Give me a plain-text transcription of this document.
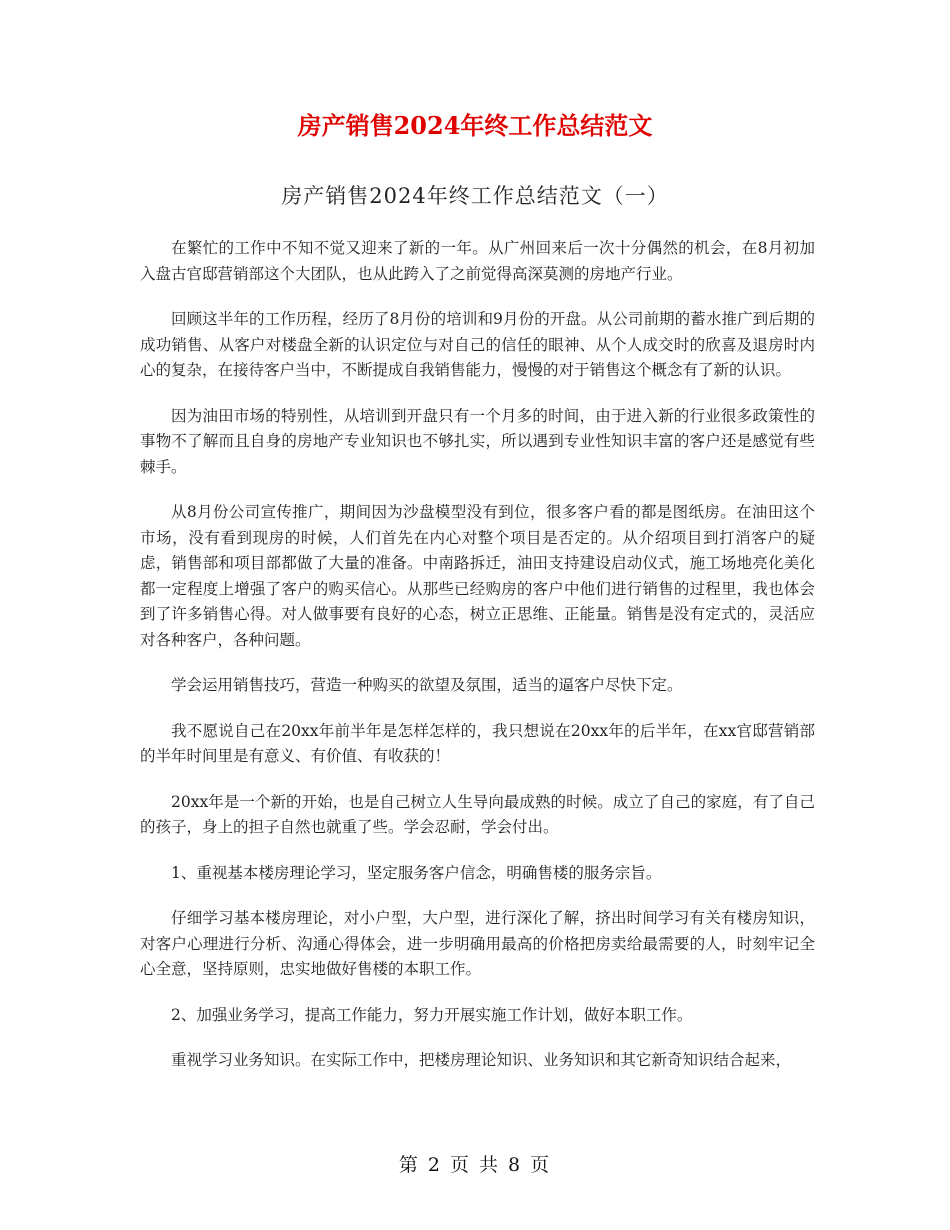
房产销售2024年终工作总结范文
房产销售2024年终工作总结范文（一）

在繁忙的工作中不知不觉又迎来了新的一年。从广州回来后一次十分偶然的机会，在8月初加入盘古官邸营销部这个大团队，也从此跨入了之前觉得高深莫测的房地产行业。

回顾这半年的工作历程，经历了8月份的培训和9月份的开盘。从公司前期的蓄水推广到后期的成功销售、从客户对楼盘全新的认识定位与对自己的信任的眼神、从个人成交时的欣喜及退房时内心的复杂，在接待客户当中，不断提成自我销售能力，慢慢的对于销售这个概念有了新的认识。

因为油田市场的特别性，从培训到开盘只有一个月多的时间，由于进入新的行业很多政策性的事物不了解而且自身的房地产专业知识也不够扎实，所以遇到专业性知识丰富的客户还是感觉有些棘手。

从8月份公司宣传推广，期间因为沙盘模型没有到位，很多客户看的都是图纸房。在油田这个市场，没有看到现房的时候，人们首先在内心对整个项目是否定的。从介绍项目到打消客户的疑虑，销售部和项目部都做了大量的准备。中南路拆迁，油田支持建设启动仪式，施工场地亮化美化都一定程度上增强了客户的购买信心。从那些已经购房的客户中他们进行销售的过程里，我也体会到了许多销售心得。对人做事要有良好的心态，树立正思维、正能量。销售是没有定式的，灵活应对各种客户，各种问题。

学会运用销售技巧，营造一种购买的欲望及氛围，适当的逼客户尽快下定。

我不愿说自己在20xx年前半年是怎样怎样的，我只想说在20xx年的后半年，在xx官邸营销部的半年时间里是有意义、有价值、有收获的！

20xx年是一个新的开始，也是自己树立人生导向最成熟的时候。成立了自己的家庭，有了自己的孩子，身上的担子自然也就重了些。学会忍耐，学会付出。

1、重视基本楼房理论学习，坚定服务客户信念，明确售楼的服务宗旨。

仔细学习基本楼房理论，对小户型，大户型，进行深化了解，挤出时间学习有关有楼房知识，对客户心理进行分析、沟通心得体会，进一步明确用最高的价格把房卖给最需要的人，时刻牢记全心全意，坚持原则，忠实地做好售楼的本职工作。

2、加强业务学习，提高工作能力，努力开展实施工作计划，做好本职工作。

重视学习业务知识。在实际工作中，把楼房理论知识、业务知识和其它新奇知识结合起来，

第 2 页 共 8 页
